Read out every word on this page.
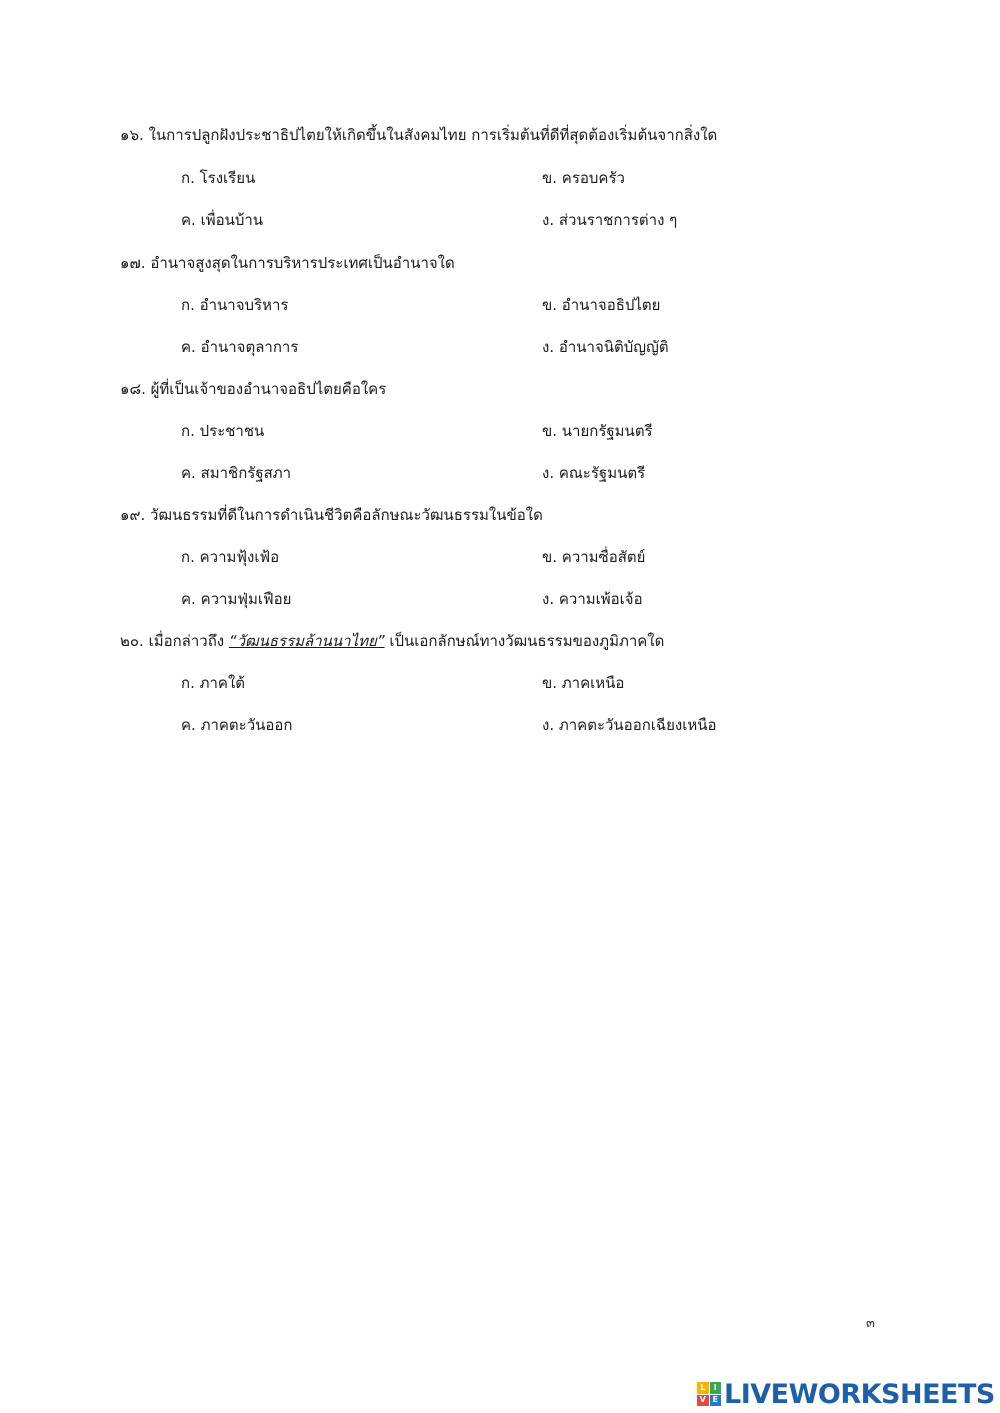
๑๖. ในการปลูกฝังประชาธิปไตยให้เกิดขึ้นในสังคมไทย การเริ่มต้นที่ดีที่สุดต้องเริ่มต้นจากสิ่งใด
ก. โรงเรียน	ข. ครอบครัว
ค. เพื่อนบ้าน	ง. ส่วนราชการต่าง ๆ
๑๗. อำนาจสูงสุดในการบริหารประเทศเป็นอำนาจใด
ก. อำนาจบริหาร	ข. อำนาจอธิปไตย
ค. อำนาจตุลาการ	ง. อำนาจนิติบัญญัติ
๑๘. ผู้ที่เป็นเจ้าของอำนาจอธิปไตยคือใคร
ก. ประชาชน	ข. นายกรัฐมนตรี
ค. สมาชิกรัฐสภา	ง. คณะรัฐมนตรี
๑๙. วัฒนธรรมที่ดีในการดำเนินชีวิตคือลักษณะวัฒนธรรมในข้อใด
ก. ความฟุ้งเฟ้อ	ข. ความซื่อสัตย์
ค. ความฟุ่มเฟือย	ง. ความเพ้อเจ้อ
๒๐. เมื่อกล่าวถึง “วัฒนธรรมล้านนาไทย” เป็นเอกลักษณ์ทางวัฒนธรรมของภูมิภาคใด
ก. ภาคใต้	ข. ภาคเหนือ
ค. ภาคตะวันออก	ง. ภาคตะวันออกเฉียงเหนือ
๓
L	I
V E LIVEWORKSHEETS
